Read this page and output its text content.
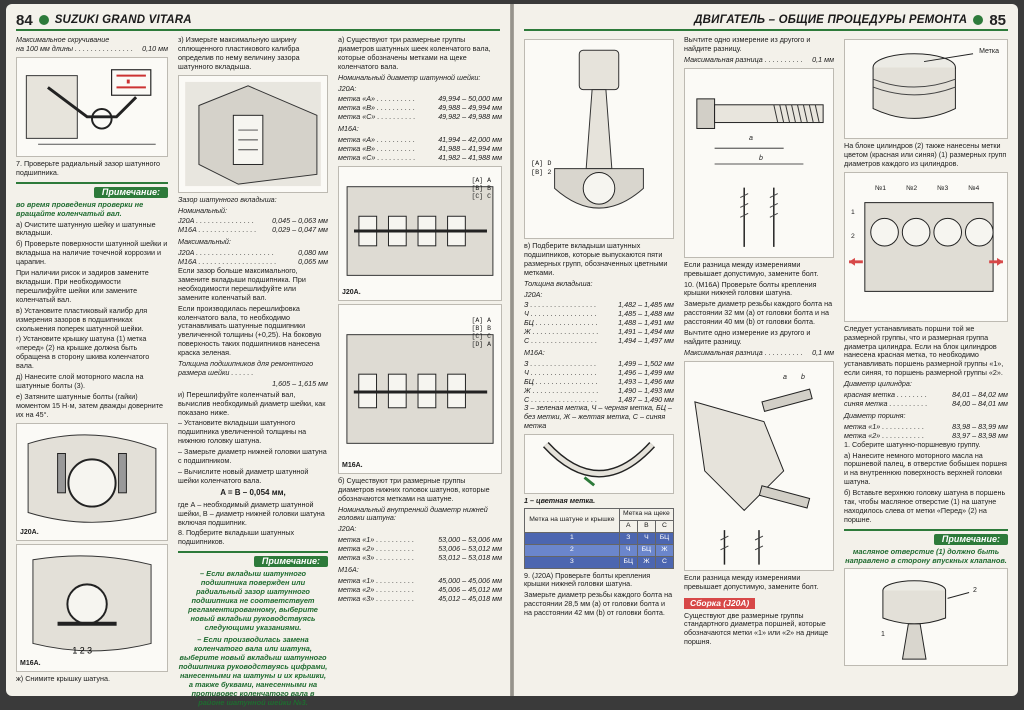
84 SUZUKI GRAND VITARA
Максимальное скручивание
на 100 мм длины . . . . . . . . . . . . . . . 0,10 мм

7. Проверьте радиальный зазор шатунного подшипника.

Примечание:
во время проведения проверки не вращайте коленчатый вал.

а) Очистите шатунную шейку и шатунные вкладыши.

б) Проверьте поверхности шатунной шейки и вкладыша на наличие точечной коррозии и царапин.

При наличии рисок и задиров замените вкладыши. При необходимости перешлифуйте шейки или замените коленчатый вал.

в) Установите пластиковый калибр для измерения зазоров в подшипниках скольжения поперек шатунной шейки.

г) Установите крышку шатуна (1) метка «перед» (2) на крышке должна быть обращена в сторону шкива коленчатого вала.

д) Нанесите слой моторного масла на шатунные болты (3).

е) Затяните шатунные болты (гайки) моментом 15 Н·м, затем дважды доверните их на 45°.

J20A.
1 2 3
M16A.

ж) Снимите крышку шатуна.

з) Измерьте максимальную ширину сплющенного пластикового калибра определив по нему величину зазора шатунного вкладыша.

Зазор шатунного вкладыша:

Номинальный:

J20A . . . . . . . . . . . . . . .	0,045 – 0,063 мм
M16A . . . . . . . . . . . . . . . 0,029 – 0,047 мм

Максимальный:

J20A . . . . . . . . . . . . . . . . . . . .	0,080 мм
M16A . . . . . . . . . . . . . . . . . . . .	0,065 мм

Если зазор больше максимального, замените вкладыши подшипника. При необходимости перешлифуйте или замените коленчатый вал.

Если производилась перешлифовка коленчатого вала, то необходимо устанавливать шатунные подшипники увеличенной толщины (+0,25). На боковую поверхность таких подшипников нанесена краска зеленая.

Толщина подшипников для ремонтного размера шейки . . . . . .

1,605 – 1,615 мм

и) Перешлифуйте коленчатый вал, вычислив необходимый диаметр шейки, как показано ниже.

– Установите вкладыши шатунного подшипника увеличенной толщины на нижнюю головку шатуна.

– Замерьте диаметр нижней головки шатуна с подшипником.

– Вычислите новый диаметр шатунной шейки коленчатого вала.

A = B – 0,054 мм,

где А – необходимый диаметр шатунной шейки, В – диаметр нижней головки шатуна включая подшипник.

8. Подберите вкладыши шатунных подшипников.

Примечание:
– Если вкладыш шатунного подшипника повержден или радиальный зазор шатунного подшипника не соответствует регламентированному, выберите новый вкладыш руководствуясь следующими указаниями.
– Если производилась замена коленчатого вала или шатуна, выберите новый вкладыш шатунного подшипника руководствуясь цифрами, нанесенными на шатуны и их крышки, а также буквами, нанесенными на противовес коленчатого вала в районе шатунной шейки №3.

а) Существуют три размерные группы диаметров шатунных шеек коленчатого вала, которые обозначены метками на щеке коленчатого вала.

Номинальный диаметр шатунной шейки:

J20A:

метка «A» . . . . . . . . . .	49,994 – 50,000 мм
метка «B» . . . . . . . . . .	49,988 – 49,994 мм
метка «C» . . . . . . . . . .	49,982 – 49,988 мм

M16A:

метка «A» . . . . . . . . . .	41,994 – 42,000 мм
метка «B» . . . . . . . . . .	41,988 – 41,994 мм
метка «C» . . . . . . . . . .	41,982 – 41,988 мм
[A] A
[B] B
[C] C
J20A.
[A] A
[B] B
[C] C
[D] A
M16A.

б) Существуют три размерные группы диаметров нижних головок шатунов, которые обозначаются метками на шатуне.

Номинальный внутренний диаметр нижней головки шатуна:

J20A:

метка «1» . . . . . . . . . .	53,000 – 53,006 мм
метка «2» . . . . . . . . . .	53,006 – 53,012 мм
метка «3» . . . . . . . . . .	53,012 – 53,018 мм

M16A:

метка «1» . . . . . . . . . .	45,000 – 45,006 мм
метка «2» . . . . . . . . . .	45,006 – 45,012 мм
метка «3» . . . . . . . . . .	45,012 – 45,018 мм
ДВИГАТЕЛЬ – ОБЩИЕ ПРОЦЕДУРЫ РЕМОНТА 85
[A] D
[B] 2

в) Подберите вкладыши шатунных подшипников, которые выпускаются пяти размерных групп, обозначенных цветными метками.

Толщина вкладыша:

J20A:

З . . . . . . . . . . . . . . . . .	1,482 – 1,485 мм
Ч . . . . . . . . . . . . . . . . .	1,485 – 1,488 мм
БЦ . . . . . . . . . . . . . . . .	1,488 – 1,491 мм
Ж . . . . . . . . . . . . . . . . .	1,491 – 1,494 мм
С . . . . . . . . . . . . . . . . .	1,494 – 1,497 мм

M16A:

З . . . . . . . . . . . . . . . . .	1,499 – 1,502 мм
Ч . . . . . . . . . . . . . . . . .	1,496 – 1,499 мм
БЦ . . . . . . . . . . . . . . . .	1,493 – 1,496 мм
Ж . . . . . . . . . . . . . . . . .	1,490 – 1,493 мм
С . . . . . . . . . . . . . . . . .	1,487 – 1,490 мм

З – зеленая метка, Ч – черная метка, БЦ – без метки, Ж – желтая метка, С – синяя метка

1 – цветная метка.

Метка на шатуне и крышке	Метка на щеке		
	A	B	C
1	З	Ч	БЦ
2	Ч	БЦ	Ж
3	БЦ	Ж	С

9. (J20A) Проверьте болты крепления крышки нижней головки шатуна.

Замерьте диаметр резьбы каждого болта на расстоянии 28,5 мм (a) от головки болта и на расстоянии 42 мм (b) от головки болта.

Вычтите одно измерение из другого и найдите разницу.

Максимальная разница . . . . . . . . . . 0,1 мм
a
b

Если разница между измерениями превышает допустимую, замените болт.

10. (M16A) Проверьте болты крепления крышки нижней головки шатуна.

Замерьте диаметр резьбы каждого болта на расстоянии 32 мм (a) от головки болта и на расстоянии 40 мм (b) от головки болта.

Вычтите одно измерение из другого и найдите разницу.

Максимальная разница . . . . . . . . . . 0,1 мм
a b

Если разница между измерениями превышает допустимую, замените болт.

Сборка (J20A)

Существуют две размерные группы стандартного диаметра поршней, которые обозначаются метки «1» или «2» на днище поршня.

Метка

На блоке цилиндров (2) также нанесены метки цветом (красная или синяя) (1) размерных групп диаметров каждого из цилиндров.

№1	№2	№3	№4
1
2

Следует устанавливать поршни той же размерной группы, что и размерная группа диаметра цилиндра. Если на блок цилиндров нанесена красная метка, то необходимо устанавливать поршень размерной группы «1», если синяя, то поршень размерной группы «2».

Диаметр цилиндра:

красная метка . . . . . . . .	84,01 – 84,02 мм
синяя метка . . . . . . . . . .	84,00 – 84,01 мм

Диаметр поршня:

метка «1» . . . . . . . . . . .	83,98 – 83,99 мм
метка «2» . . . . . . . . . . .	83,97 – 83,98 мм

1. Соберите шатунно-поршневую группу.

а) Нанесите немного моторного масла на поршневой палец, в отверстие бобышек поршня и на внутреннюю поверхность верхней головки шатуна.

б) Вставьте верхнюю головку шатуна в поршень так, чтобы масляное отверстие (1) на шатуне находилось слева от метки «Перед» (2) на поршне.

Примечание:
масляное отверстие (1) должно быть направлено в сторону впускных клапанов.
2
1
